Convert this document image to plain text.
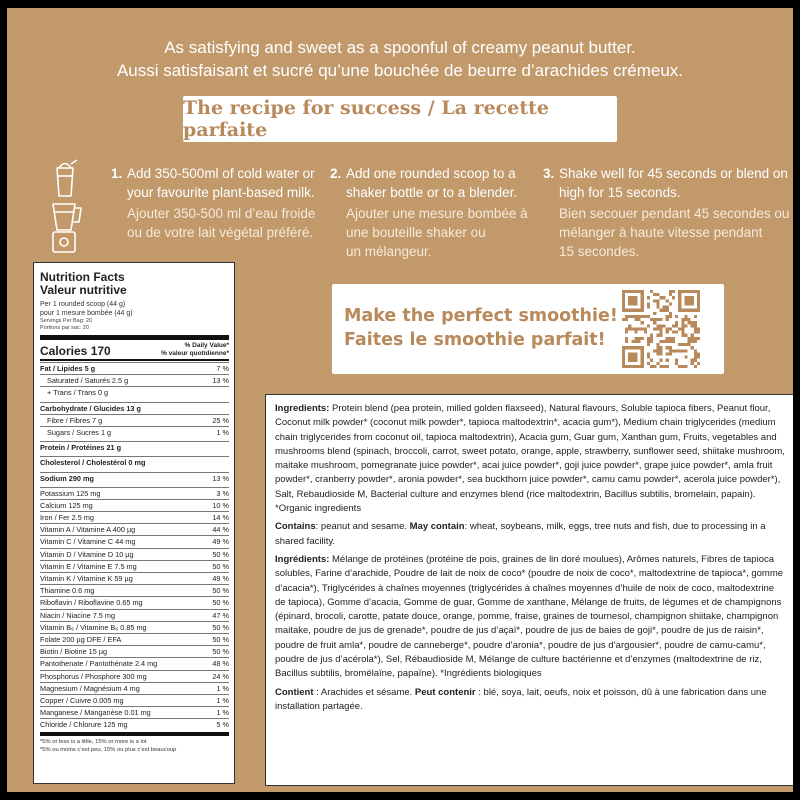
As satisfying and sweet as a spoonful of creamy peanut butter.
Aussi satisfaisant et sucré qu’une bouchée de beurre d’arachides crémeux.
The recipe for success / La recette parfaite
1. Add 350-500ml of cold water or
your favourite plant-based milk.
Ajouter 350-500 ml d’eau froide
ou de votre lait végétal préféré.
2. Add one rounded scoop to a
shaker bottle or to a blender.
Ajouter une mesure bombée à
une bouteille shaker ou
un mélangeur.
3. Shake well for 45 seconds or blend on
high for 15 seconds.
Bien secouer pendant 45 secondes ou
mélanger à haute vitesse pendant
15 secondes.
Nutrition Facts
Valeur nutritive
Per 1 rounded scoop (44 g)
pour 1 mesure bombée (44 g)
Servings Per Bag: 20
Portions par sac: 20
Calories 170	% Daily Value*
% valeur quotidienne*
Fat / Lipides 5 g	7 %
Saturated / Saturés 2.5 g	13 %
+ Trans / Trans 0 g
Carbohydrate / Glucides 13 g
Fibre / Fibres 7 g	25 %
Sugars / Sucres 1 g	1 %
Protein / Protéines 21 g
Cholesterol / Cholestérol 0 mg
Sodium 290 mg	13 %
Potassium 125 mg	3 %
Calcium 125 mg	10 %
Iron / Fer 2.5 mg	14 %
Vitamin A / Vitamine A 400 µg	44 %
Vitamin C / Vitamine C 44 mg	49 %
Vitamin D / Vitamine D 10 µg	50 %
Vitamin E / Vitamine E 7.5 mg	50 %
Vitamin K / Vitamine K 59 µg	49 %
Thiamine 0.6 mg	50 %
Riboflavin / Riboflavine 0.65 mg	50 %
Niacin / Niacine 7.5 mg	47 %
Vitamin B₆ / Vitamine B₆ 0.85 mg	50 %
Folate 200 µg DFE / EFA	50 %
Biotin / Biotine 15 µg	50 %
Pantothenate / Pantothénate 2.4 mg	48 %
Phosphorus / Phosphore 300 mg	24 %
Magnesium / Magnésium 4 mg	1 %
Copper / Cuivre 0.005 mg	1 %
Manganese / Manganèse 0.01 mg	1 %
Chloride / Chlorure 125 mg	5 %
*5% or less is a little, 15% or more is a lot
*5% ou moins c’est peu, 15% ou plus c’est beaucoup
Make the perfect smoothie!
Faites le smoothie parfait!

Ingredients: Protein blend (pea protein, milled golden flaxseed), Natural flavours, Soluble tapioca fibers, Peanut flour, Coconut milk powder* (coconut milk powder*, tapioca maltodextrin*, acacia gum*), Medium chain triglycerides (medium chain triglycerides from coconut oil, tapioca maltodextrin), Acacia gum, Guar gum, Xanthan gum, Fruits, vegetables and mushrooms blend (spinach, broccoli, carrot, sweet potato, orange, apple, strawberry, sunflower seed, shiitake mushroom, maitake mushroom, pomegranate juice powder*, acai juice powder*, goji juice powder*, grape juice powder*, amla fruit powder*, cranberry powder*, aronia powder*, sea buckthorn juice powder*, camu camu powder*, acerola juice powder*), Salt, Rebaudioside M, Bacterial culture and enzymes blend (rice maltodextrin, Bacillus subtilis, bromelain, papain). *Organic ingredients

Contains: peanut and sesame. May contain: wheat, soybeans, milk, eggs, tree nuts and fish, due to processing in a shared facility.

Ingrédients: Mélange de protéines (protéine de pois, graines de lin doré moulues), Arômes naturels, Fibres de tapioca solubles, Farine d’arachide, Poudre de lait de noix de coco* (poudre de noix de coco*, maltodextrine de tapioca*, gomme d’acacia*), Triglycérides à chaînes moyennes (triglycérides à chaînes moyennes d’huile de noix de coco, maltodextrine de tapioca), Gomme d’acacia, Gomme de guar, Gomme de xanthane, Mélange de fruits, de légumes et de champignons (épinard, brocoli, carotte, patate douce, orange, pomme, fraise, graines de tournesol, champignon shiitake, champignon maitake, poudre de jus de grenade*, poudre de jus d’açaï*, poudre de jus de baies de goji*, poudre de jus de raisin*, poudre de fruit amla*, poudre de canneberge*, poudre d’aronia*, poudre de jus d’argousier*, poudre de camu-camu*, poudre de jus d’acérola*), Sel, Rébaudioside M, Mélange de culture bactérienne et d’enzymes (maltodextrine de riz, Bacillus subtilis, bromélaïne, papaïne). *Ingrédients biologiques

Contient : Arachides et sésame. Peut contenir : blé, soya, lait, oeufs, noix et poisson, dû à une fabrication dans une installation partagée.
